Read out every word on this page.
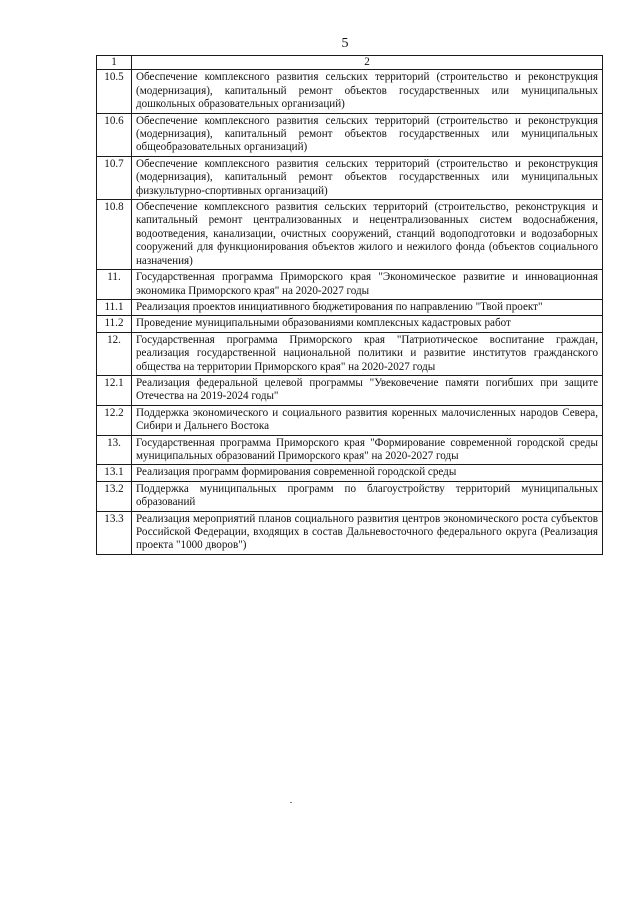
5
1	2
10.5	Обеспечение комплексного развития сельских территорий (строительство и реконструкция (модернизация), капитальный ремонт объектов государственных или муниципальных дошкольных образовательных организаций)
10.6	Обеспечение комплексного развития сельских территорий (строительство и реконструкция (модернизация), капитальный ремонт объектов государственных или муниципальных общеобразовательных организаций)
10.7	Обеспечение комплексного развития сельских территорий (строительство и реконструкция (модернизация), капитальный ремонт объектов государственных или муниципальных физкультурно-спортивных организаций)
10.8	Обеспечение комплексного развития сельских территорий (строительство, реконструкция и капитальный ремонт централизованных и нецентрализованных систем водоснабжения, водоотведения, канализации, очистных сооружений, станций водоподготовки и водозаборных сооружений для функционирования объектов жилого и нежилого фонда (объектов социального назначения)
11.	Государственная программа Приморского края "Экономическое развитие и инновационная экономика Приморского края" на 2020-2027 годы
11.1	Реализация проектов инициативного бюджетирования по направлению "Твой проект"
11.2	Проведение муниципальными образованиями комплексных кадастровых работ
12.	Государственная программа Приморского края "Патриотическое воспитание граждан, реализация государственной национальной политики и развитие институтов гражданского общества на территории Приморского края" на 2020-2027 годы
12.1	Реализация федеральной целевой программы "Увековечение памяти погибших при защите Отечества на 2019-2024 годы"
12.2	Поддержка экономического и социального развития коренных малочисленных народов Севера, Сибири и Дальнего Востока
13.	Государственная программа Приморского края "Формирование современной городской среды муниципальных образований Приморского края" на 2020-2027 годы
13.1	Реализация программ формирования современной городской среды
13.2	Поддержка муниципальных программ по благоустройству территорий муниципальных образований
13.3	Реализация мероприятий планов социального развития центров экономического роста субъектов Российской Федерации, входящих в состав Дальневосточного федерального округа (Реализация проекта "1000 дворов")
